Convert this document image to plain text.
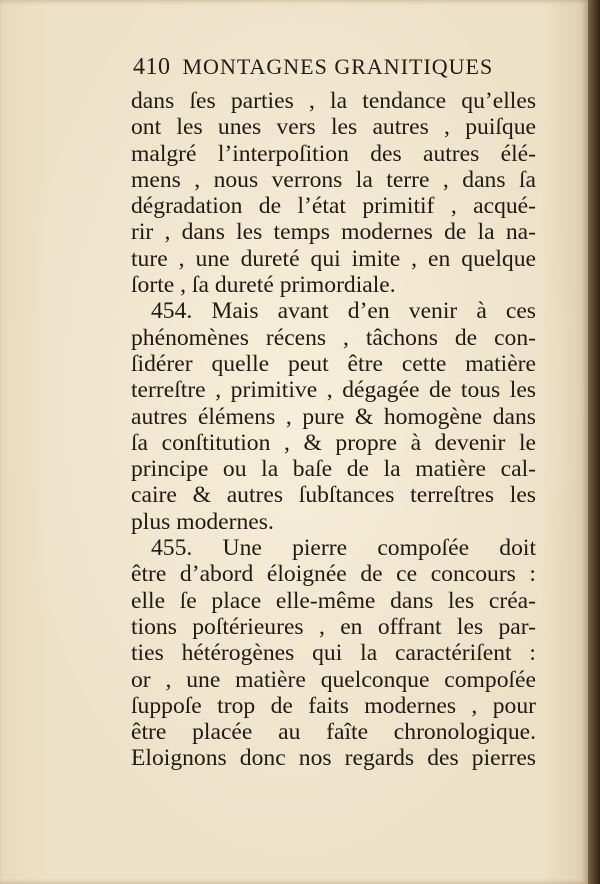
410 MONTAGNES GRANITIQUES
dans ſes parties , la tendance qu’elles
ont les unes vers les autres , puiſque
malgré l’interpoſition des autres élé-
mens , nous verrons la terre , dans ſa
dégradation de l’état primitif , acqué-
rir , dans les temps modernes de la na-
ture , une dureté qui imite , en quelque
ſorte , ſa dureté primordiale.
454. Mais avant d’en venir à ces
phénomènes récens , tâchons de con-
ſidérer quelle peut être cette matière
terreſtre , primitive , dégagée de tous les
autres élémens , pure & homogène dans
ſa conſtitution , & propre à devenir le
principe ou la baſe de la matière cal-
caire & autres ſubſtances terreſtres les
plus modernes.
455. Une pierre compoſée doit
être d’abord éloignée de ce concours :
elle ſe place elle-même dans les créa-
tions poſtérieures , en offrant les par-
ties hétérogènes qui la caractériſent :
or , une matière quelconque compoſée
ſuppoſe trop de faits modernes , pour
être placée au faîte chronologique.
Eloignons donc nos regards des pierres
